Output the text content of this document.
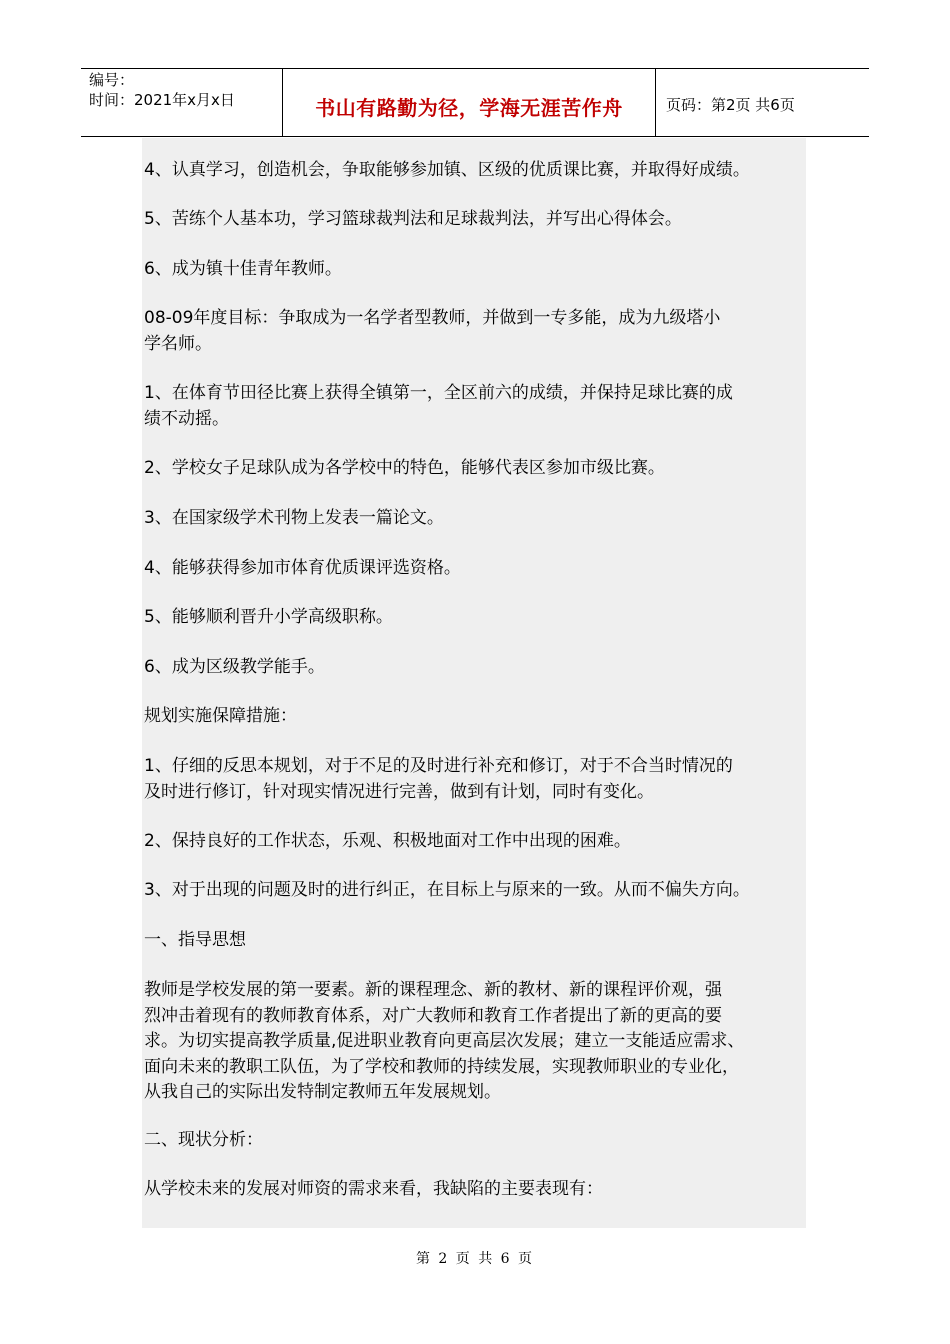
编号：
时间：2021年x月x日	书山有路勤为径，学海无涯苦作舟	页码：第2页 共6页
4、认真学习，创造机会，争取能够参加镇、区级的优质课比赛，并取得好成绩。
5、苦练个人基本功，学习篮球裁判法和足球裁判法，并写出心得体会。
6、成为镇十佳青年教师。
08-09年度目标：争取成为一名学者型教师，并做到一专多能，成为九级塔小
学名师。
1、在体育节田径比赛上获得全镇第一，全区前六的成绩，并保持足球比赛的成
绩不动摇。
2、学校女子足球队成为各学校中的特色，能够代表区参加市级比赛。
3、在国家级学术刊物上发表一篇论文。
4、能够获得参加市体育优质课评选资格。
5、能够顺利晋升小学高级职称。
6、成为区级教学能手。
规划实施保障措施：
1、仔细的反思本规划，对于不足的及时进行补充和修订，对于不合当时情况的
及时进行修订，针对现实情况进行完善，做到有计划，同时有变化。
2、保持良好的工作状态，乐观、积极地面对工作中出现的困难。
3、对于出现的问题及时的进行纠正，在目标上与原来的一致。从而不偏失方向。
一、指导思想
教师是学校发展的第一要素。新的课程理念、新的教材、新的课程评价观，强
烈冲击着现有的教师教育体系，对广大教师和教育工作者提出了新的更高的要
求。为切实提高教学质量,促进职业教育向更高层次发展；建立一支能适应需求、
面向未来的教职工队伍，为了学校和教师的持续发展，实现教师职业的专业化，
从我自己的实际出发特制定教师五年发展规划。
二、现状分析：
从学校未来的发展对师资的需求来看，我缺陷的主要表现有：
第 2 页 共 6 页
